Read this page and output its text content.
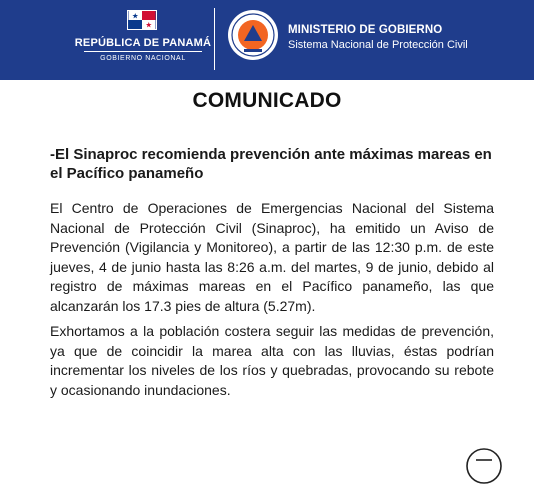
REPÚBLICA DE PANAMÁ
GOBIERNO NACIONAL
MINISTERIO DE GOBIERNO
Sistema Nacional de Protección Civil
COMUNICADO
-El Sinaproc recomienda prevención ante máximas mareas en el Pacífico panameño
El Centro de Operaciones de Emergencias Nacional del Sistema Nacional de Protección Civil (Sinaproc), ha emitido un Aviso de Prevención (Vigilancia y Monitoreo), a partir de las 12:30 p.m. de este jueves, 4 de junio hasta las 8:26 a.m. del martes, 9 de junio, debido al registro de máximas mareas en el Pacífico panameño, las que alcanzarán los 17.3 pies de altura (5.27m).
Exhortamos a la población costera seguir las medidas de prevención, ya que de coincidir la marea alta con las lluvias, éstas podrían incrementar los niveles de los ríos y quebradas, provocando su rebote y ocasionando inundaciones.
